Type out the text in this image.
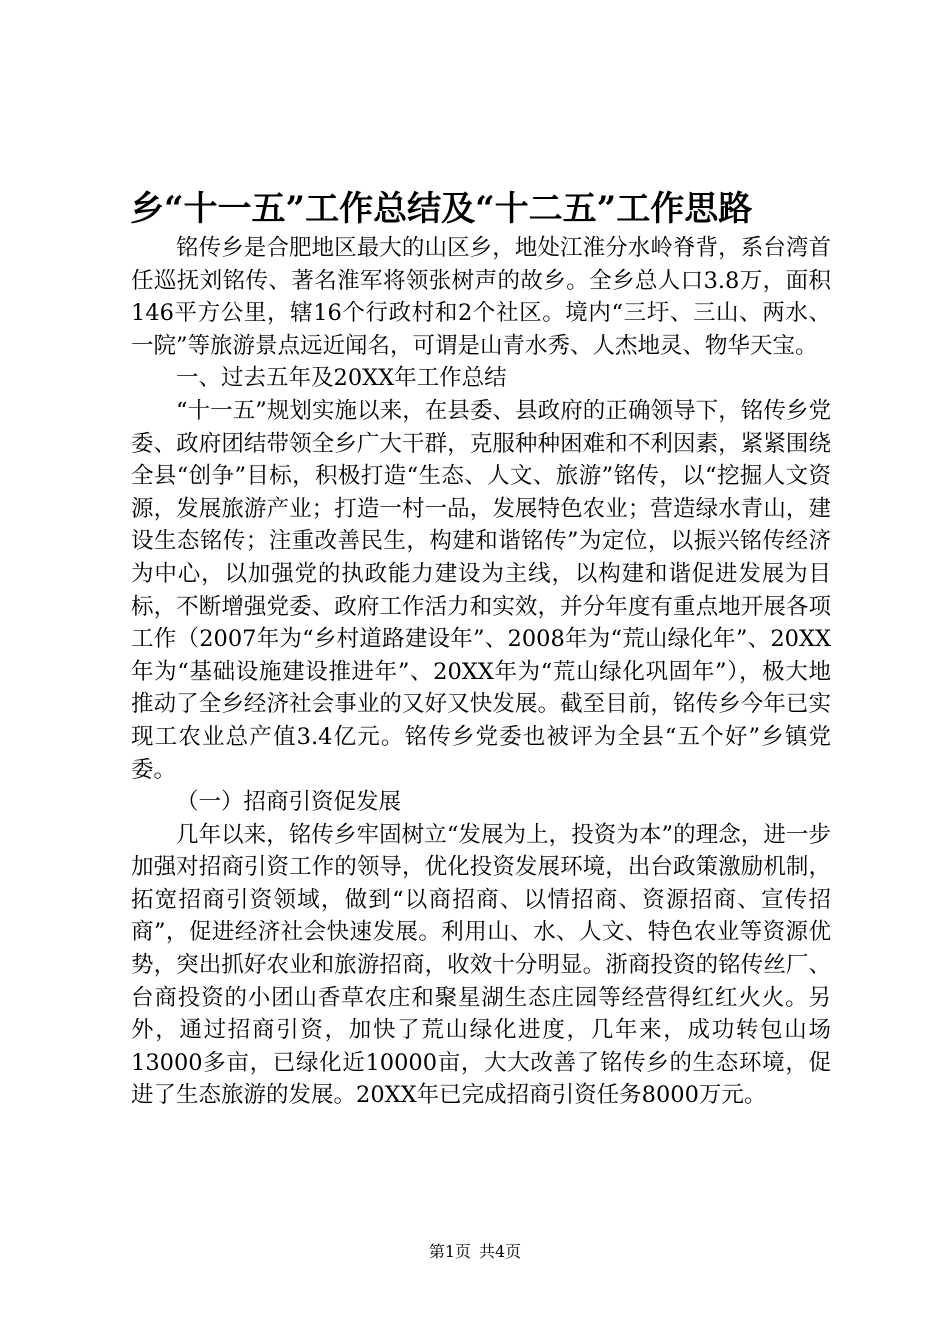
乡“十一五”工作总结及“十二五”工作思路

铭传乡是合肥地区最大的山区乡，地处江淮分水岭脊背，系台湾首任巡抚刘铭传、著名淮军将领张树声的故乡。全乡总人口3.8万，面积146平方公里，辖16个行政村和2个社区。境内“三圩、三山、两水、一院”等旅游景点远近闻名，可谓是山青水秀、人杰地灵、物华天宝。

一、过去五年及20XX年工作总结

“十一五”规划实施以来，在县委、县政府的正确领导下，铭传乡党委、政府团结带领全乡广大干群，克服种种困难和不利因素，紧紧围绕全县“创争”目标，积极打造“生态、人文、旅游”铭传，以“挖掘人文资源，发展旅游产业；打造一村一品，发展特色农业；营造绿水青山，建设生态铭传；注重改善民生，构建和谐铭传”为定位，以振兴铭传经济为中心，以加强党的执政能力建设为主线，以构建和谐促进发展为目标，不断增强党委、政府工作活力和实效，并分年度有重点地开展各项工作（2007年为“乡村道路建设年”、2008年为“荒山绿化年”、20XX年为“基础设施建设推进年”、20XX年为“荒山绿化巩固年”），极大地推动了全乡经济社会事业的又好又快发展。截至目前，铭传乡今年已实现工农业总产值3.4亿元。铭传乡党委也被评为全县“五个好”乡镇党委。

（一）招商引资促发展

几年以来，铭传乡牢固树立“发展为上，投资为本”的理念，进一步加强对招商引资工作的领导，优化投资发展环境，出台政策激励机制，拓宽招商引资领域，做到“以商招商、以情招商、资源招商、宣传招商”，促进经济社会快速发展。利用山、水、人文、特色农业等资源优势，突出抓好农业和旅游招商，收效十分明显。浙商投资的铭传丝厂、台商投资的小团山香草农庄和聚星湖生态庄园等经营得红红火火。另外，通过招商引资，加快了荒山绿化进度，几年来，成功转包山场13000多亩，已绿化近10000亩，大大改善了铭传乡的生态环境，促进了生态旅游的发展。20XX年已完成招商引资任务8000万元。

第1页 共4页
